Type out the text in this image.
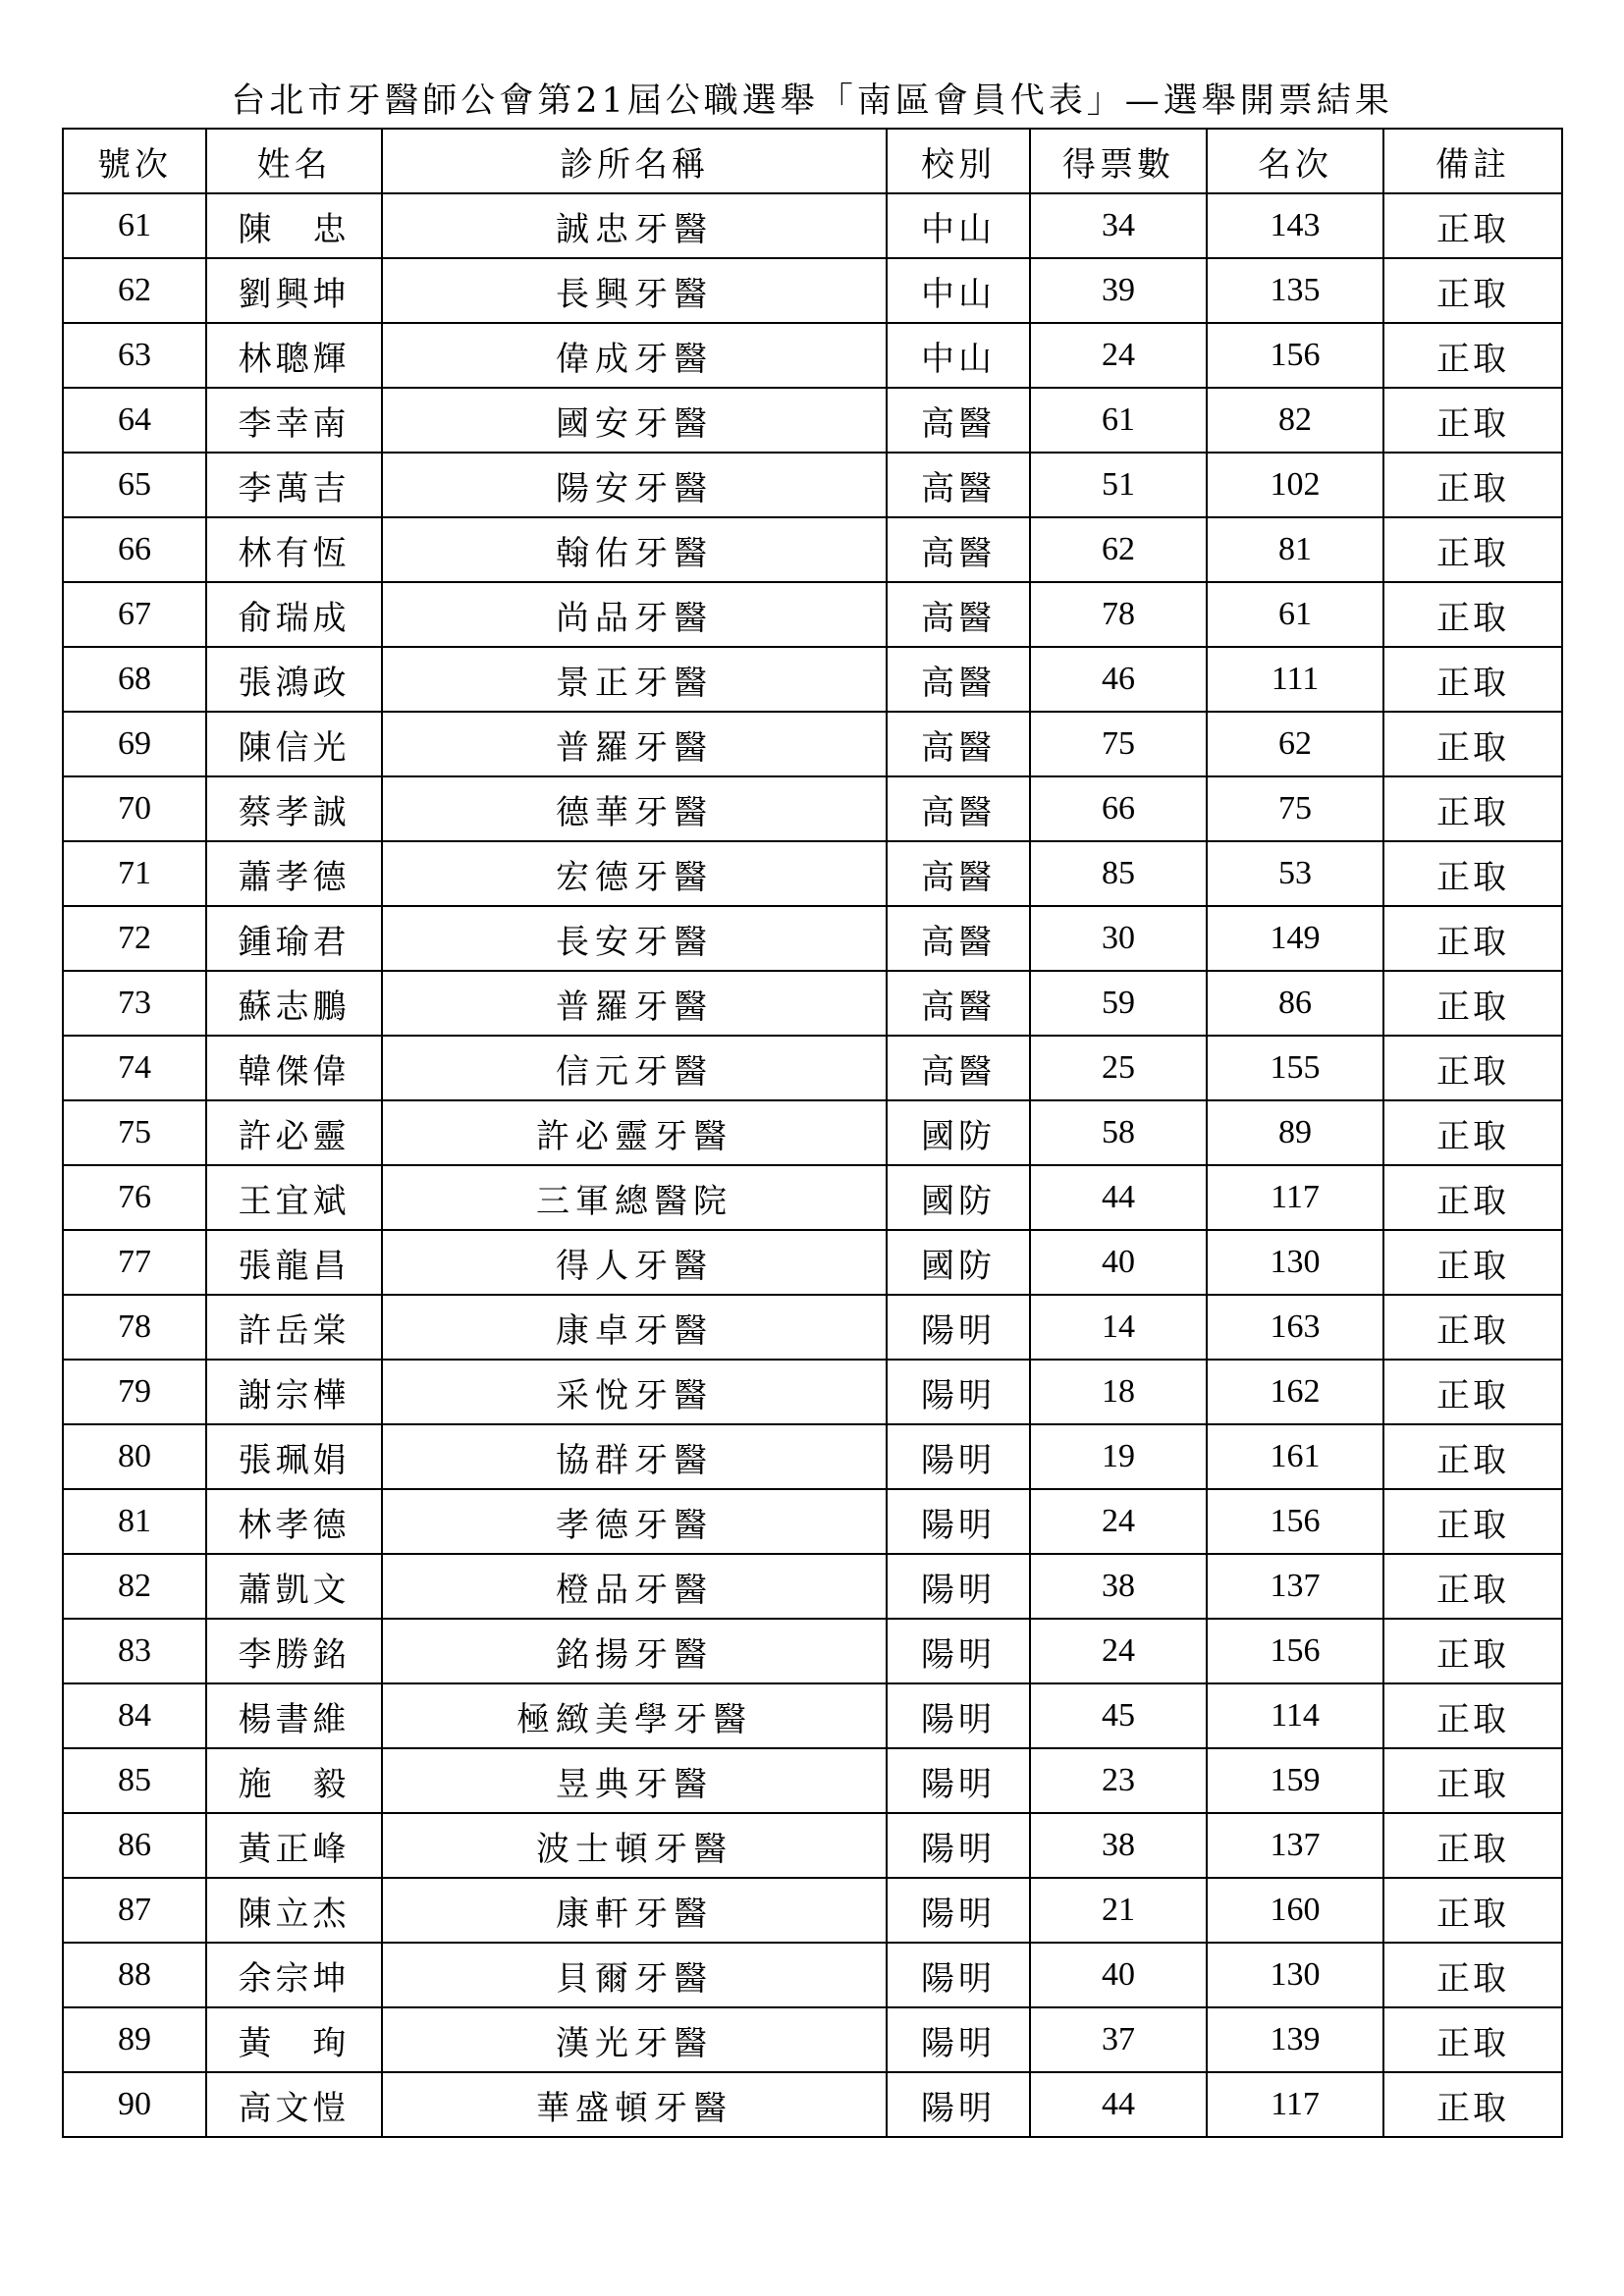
台北市牙醫師公會第21屆公職選舉「南區會員代表」—選舉開票結果
號次	姓名	診所名稱	校別	得票數	名次	備註
61	陳　忠	誠忠牙醫	中山	34	143	正取
62	劉興坤	長興牙醫	中山	39	135	正取
63	林聰輝	偉成牙醫	中山	24	156	正取
64	李幸南	國安牙醫	高醫	61	82	正取
65	李萬吉	陽安牙醫	高醫	51	102	正取
66	林有恆	翰佑牙醫	高醫	62	81	正取
67	俞瑞成	尚品牙醫	高醫	78	61	正取
68	張鴻政	景正牙醫	高醫	46	111	正取
69	陳信光	普羅牙醫	高醫	75	62	正取
70	蔡孝誠	德華牙醫	高醫	66	75	正取
71	蕭孝德	宏德牙醫	高醫	85	53	正取
72	鍾瑜君	長安牙醫	高醫	30	149	正取
73	蘇志鵬	普羅牙醫	高醫	59	86	正取
74	韓傑偉	信元牙醫	高醫	25	155	正取
75	許必靈	許必靈牙醫	國防	58	89	正取
76	王宜斌	三軍總醫院	國防	44	117	正取
77	張龍昌	得人牙醫	國防	40	130	正取
78	許岳棠	康卓牙醫	陽明	14	163	正取
79	謝宗樺	采悅牙醫	陽明	18	162	正取
80	張珮娟	協群牙醫	陽明	19	161	正取
81	林孝德	孝德牙醫	陽明	24	156	正取
82	蕭凱文	橙品牙醫	陽明	38	137	正取
83	李勝銘	銘揚牙醫	陽明	24	156	正取
84	楊書維	極緻美學牙醫	陽明	45	114	正取
85	施　毅	昱典牙醫	陽明	23	159	正取
86	黃正峰	波士頓牙醫	陽明	38	137	正取
87	陳立杰	康軒牙醫	陽明	21	160	正取
88	余宗坤	貝爾牙醫	陽明	40	130	正取
89	黃　珣	漢光牙醫	陽明	37	139	正取
90	高文愷	華盛頓牙醫	陽明	44	117	正取
